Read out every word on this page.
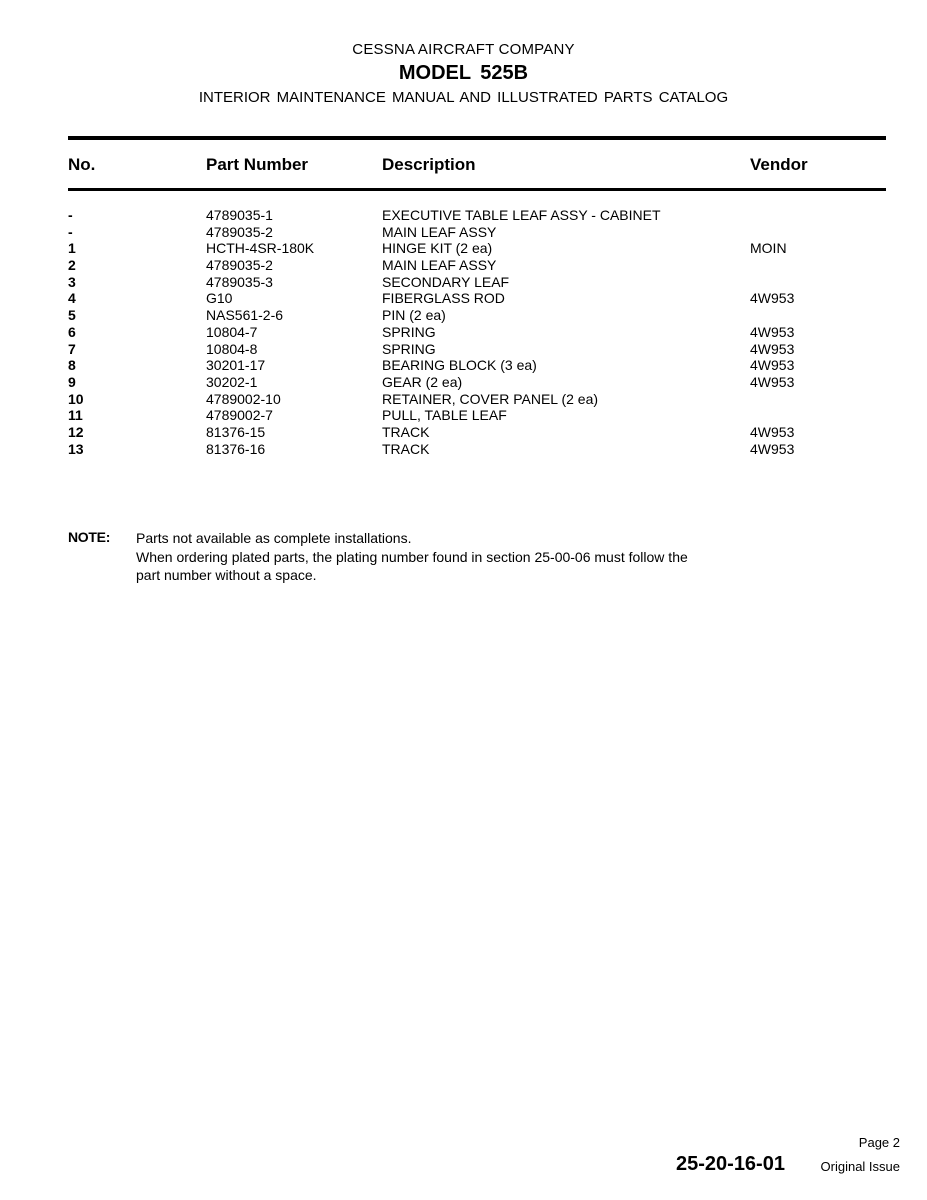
CESSNA AIRCRAFT COMPANY
MODEL 525B
INTERIOR MAINTENANCE MANUAL AND ILLUSTRATED PARTS CATALOG
No.	Part Number	Description	Vendor
-	4789035-1	EXECUTIVE TABLE LEAF ASSY - CABINET
-	4789035-2	MAIN LEAF ASSY
1	HCTH-4SR-180K	HINGE KIT (2 ea)	MOIN
2	4789035-2	MAIN LEAF ASSY
3	4789035-3	SECONDARY LEAF
4	G10	FIBERGLASS ROD	4W953
5	NAS561-2-6	PIN (2 ea)
6	10804-7	SPRING	4W953
7	10804-8	SPRING	4W953
8	30201-17	BEARING BLOCK (3 ea)	4W953
9	30202-1	GEAR (2 ea)	4W953
10	4789002-10	RETAINER, COVER PANEL (2 ea)
11	4789002-7	PULL, TABLE LEAF
12	81376-15	TRACK	4W953
13	81376-16	TRACK	4W953
NOTE: Parts not available as complete installations.
When ordering plated parts, the plating number found in section 25-00-06 must follow the
part number without a space.
Page 2
25-20-16-01	Original Issue
